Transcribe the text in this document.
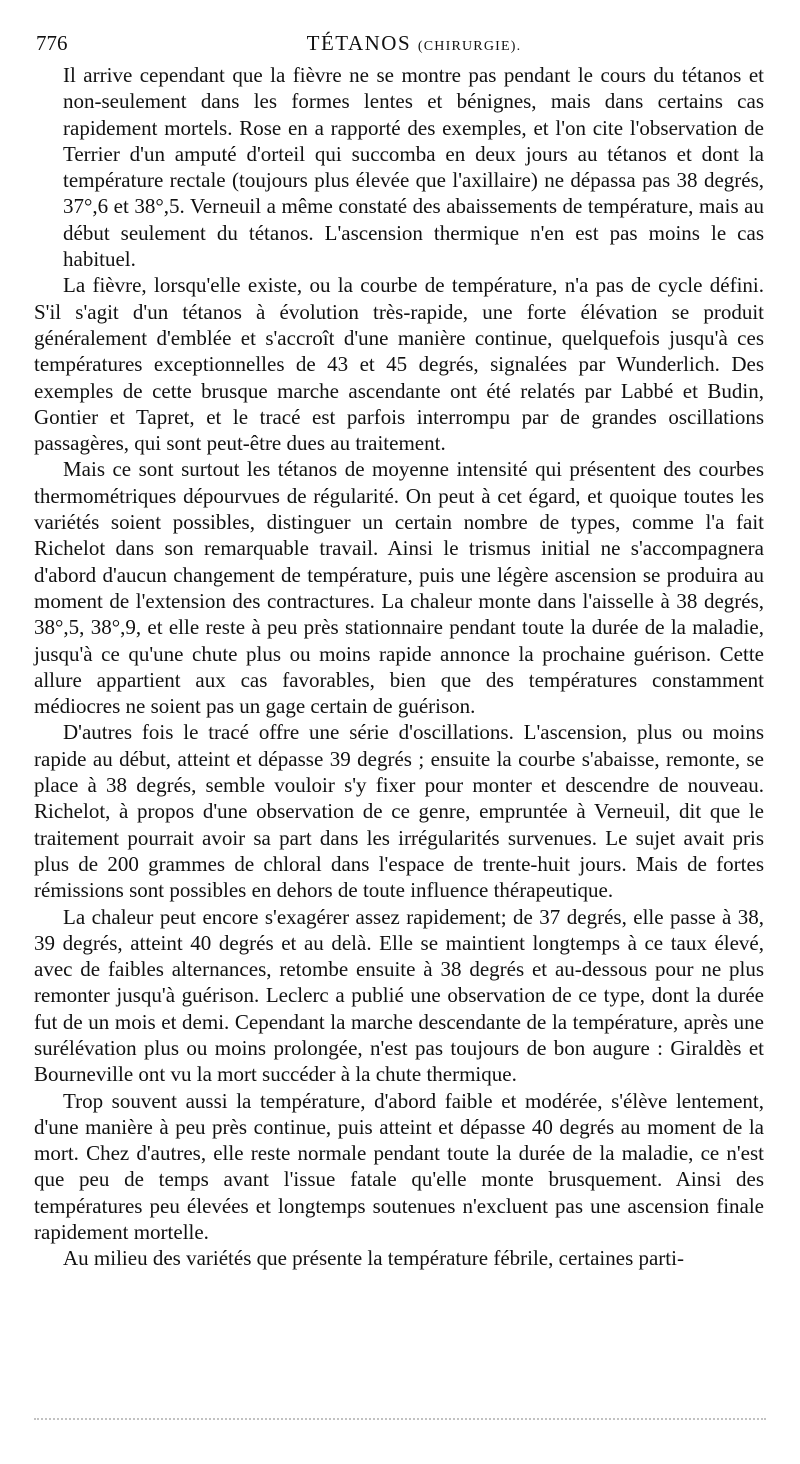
776	TÉTANOS (CHIRURGIE).

Il arrive cependant que la fièvre ne se montre pas pendant le cours du tétanos et non-seulement dans les formes lentes et bénignes, mais dans certains cas rapidement mortels. Rose en a rapporté des exemples, et l'on cite l'observation de Terrier d'un amputé d'orteil qui succomba en deux jours au tétanos et dont la température rectale (toujours plus élevée que l'axillaire) ne dépassa pas 38 degrés, 37°,6 et 38°,5. Verneuil a même constaté des abaissements de température, mais au début seulement du tétanos. L'ascension thermique n'en est pas moins le cas habituel.

La fièvre, lorsqu'elle existe, ou la courbe de température, n'a pas de cycle défini. S'il s'agit d'un tétanos à évolution très-rapide, une forte élévation se produit généralement d'emblée et s'accroît d'une manière continue, quelquefois jusqu'à ces températures exceptionnelles de 43 et 45 degrés, signalées par Wunderlich. Des exemples de cette brusque marche ascendante ont été relatés par Labbé et Budin, Gontier et Tapret, et le tracé est parfois interrompu par de grandes oscillations passagères, qui sont peut-être dues au traitement.

Mais ce sont surtout les tétanos de moyenne intensité qui présentent des courbes thermométriques dépourvues de régularité. On peut à cet égard, et quoique toutes les variétés soient possibles, distinguer un certain nombre de types, comme l'a fait Richelot dans son remarquable travail. Ainsi le trismus initial ne s'accompagnera d'abord d'aucun changement de température, puis une légère ascension se produira au moment de l'extension des contractures. La chaleur monte dans l'aisselle à 38 degrés, 38°,5, 38°,9, et elle reste à peu près stationnaire pendant toute la durée de la maladie, jusqu'à ce qu'une chute plus ou moins rapide annonce la prochaine guérison. Cette allure appartient aux cas favorables, bien que des températures constamment médiocres ne soient pas un gage certain de guérison.

D'autres fois le tracé offre une série d'oscillations. L'ascension, plus ou moins rapide au début, atteint et dépasse 39 degrés ; ensuite la courbe s'abaisse, remonte, se place à 38 degrés, semble vouloir s'y fixer pour monter et descendre de nouveau. Richelot, à propos d'une observation de ce genre, empruntée à Verneuil, dit que le traitement pourrait avoir sa part dans les irrégularités survenues. Le sujet avait pris plus de 200 grammes de chloral dans l'espace de trente-huit jours. Mais de fortes rémissions sont possibles en dehors de toute influence thérapeutique.

La chaleur peut encore s'exagérer assez rapidement; de 37 degrés, elle passe à 38, 39 degrés, atteint 40 degrés et au delà. Elle se maintient longtemps à ce taux élevé, avec de faibles alternances, retombe ensuite à 38 degrés et au-dessous pour ne plus remonter jusqu'à guérison. Leclerc a publié une observation de ce type, dont la durée fut de un mois et demi. Cependant la marche descendante de la température, après une surélévation plus ou moins prolongée, n'est pas toujours de bon augure : Giraldès et Bourneville ont vu la mort succéder à la chute thermique.

Trop souvent aussi la température, d'abord faible et modérée, s'élève lentement, d'une manière à peu près continue, puis atteint et dépasse 40 degrés au moment de la mort. Chez d'autres, elle reste normale pendant toute la durée de la maladie, ce n'est que peu de temps avant l'issue fatale qu'elle monte brusquement. Ainsi des températures peu élevées et longtemps soutenues n'excluent pas une ascension finale rapidement mortelle.

Au milieu des variétés que présente la température fébrile, certaines parti-
